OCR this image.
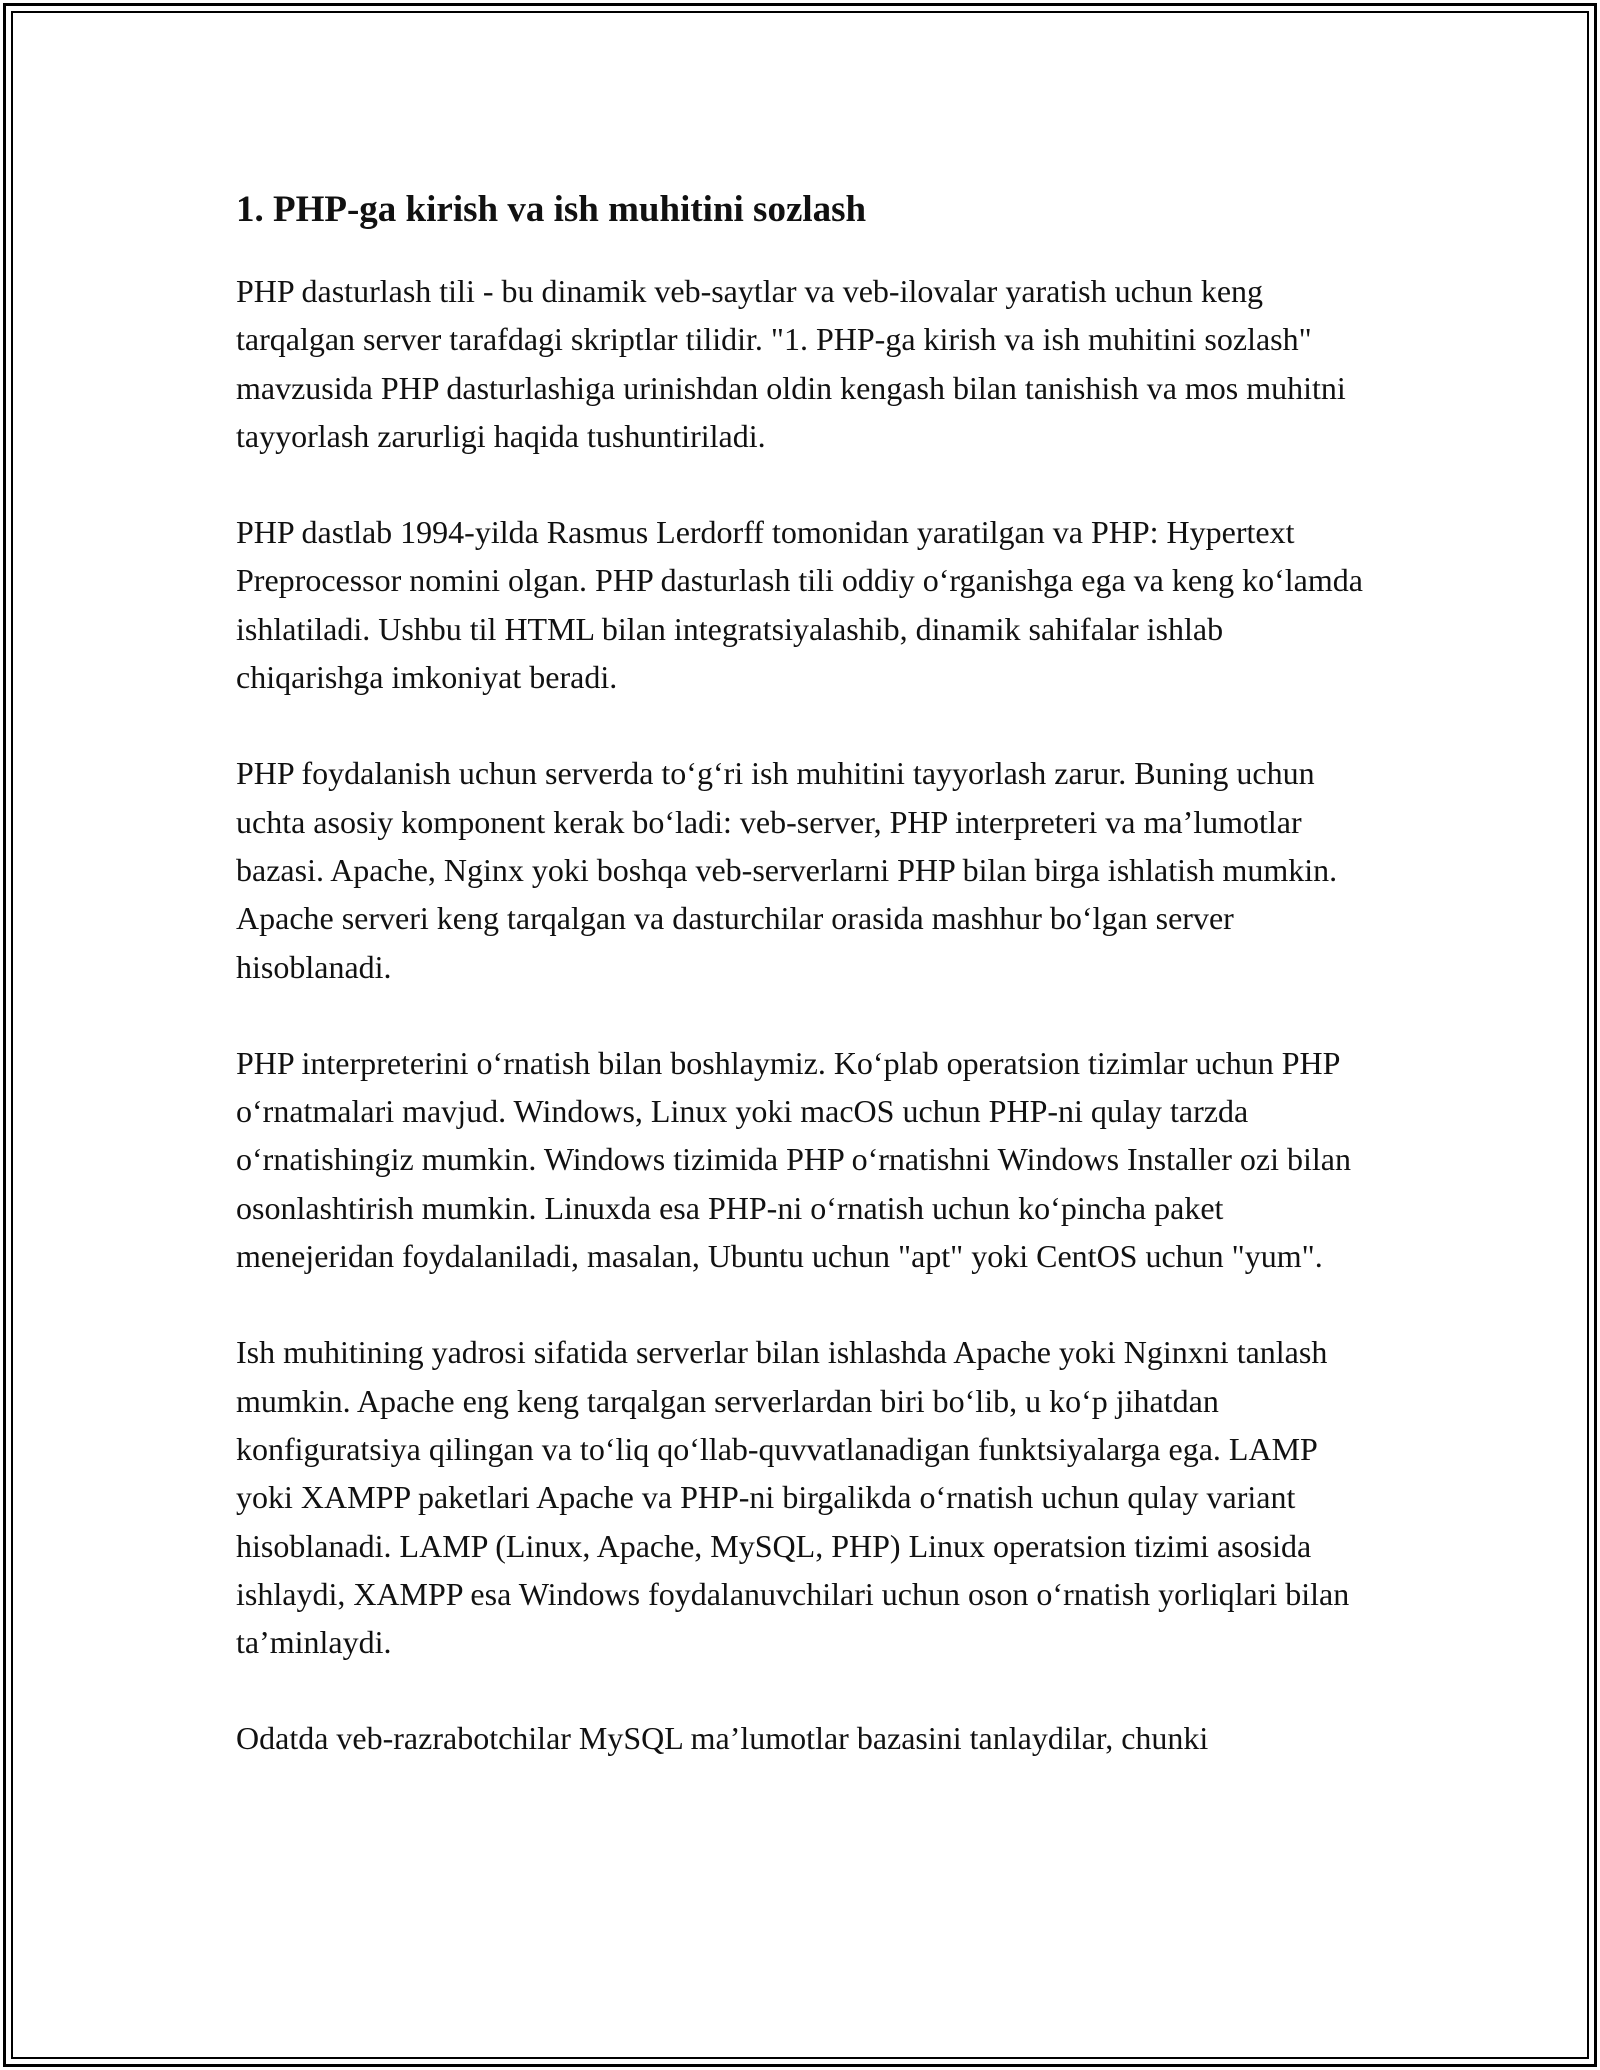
1. PHP-ga kirish va ish muhitini sozlash

PHP dasturlash tili - bu dinamik veb-saytlar va veb-ilovalar yaratish uchun keng tarqalgan server tarafdagi skriptlar tilidir. "1. PHP-ga kirish va ish muhitini sozlash" mavzusida PHP dasturlashiga urinishdan oldin kengash bilan tanishish va mos muhitni tayyorlash zarurligi haqida tushuntiriladi.

PHP dastlab 1994-yilda Rasmus Lerdorff tomonidan yaratilgan va PHP: Hypertext Preprocessor nomini olgan. PHP dasturlash tili oddiy o‘rganishga ega va keng ko‘lamda ishlatiladi. Ushbu til HTML bilan integratsiyalashib, dinamik sahifalar ishlab chiqarishga imkoniyat beradi.

PHP foydalanish uchun serverda to‘g‘ri ish muhitini tayyorlash zarur. Buning uchun uchta asosiy komponent kerak bo‘ladi: veb-server, PHP interpreteri va ma’lumotlar bazasi. Apache, Nginx yoki boshqa veb-serverlarni PHP bilan birga ishlatish mumkin. Apache serveri keng tarqalgan va dasturchilar orasida mashhur bo‘lgan server hisoblanadi.

PHP interpreterini o‘rnatish bilan boshlaymiz. Ko‘plab operatsion tizimlar uchun PHP o‘rnatmalari mavjud. Windows, Linux yoki macOS uchun PHP-ni qulay tarzda o‘rnatishingiz mumkin. Windows tizimida PHP o‘rnatishni Windows Installer ozi bilan osonlashtirish mumkin. Linuxda esa PHP-ni o‘rnatish uchun ko‘pincha paket menejeridan foydalaniladi, masalan, Ubuntu uchun "apt" yoki CentOS uchun "yum".

Ish muhitining yadrosi sifatida serverlar bilan ishlashda Apache yoki Nginxni tanlash mumkin. Apache eng keng tarqalgan serverlardan biri bo‘lib, u ko‘p jihatdan konfiguratsiya qilingan va to‘liq qo‘llab-quvvatlanadigan funktsiyalarga ega. LAMP yoki XAMPP paketlari Apache va PHP-ni birgalikda o‘rnatish uchun qulay variant hisoblanadi. LAMP (Linux, Apache, MySQL, PHP) Linux operatsion tizimi asosida ishlaydi, XAMPP esa Windows foydalanuvchilari uchun oson o‘rnatish yorliqlari bilan ta’minlaydi.

Odatda veb-razrabotchilar MySQL ma’lumotlar bazasini tanlaydilar, chunki
